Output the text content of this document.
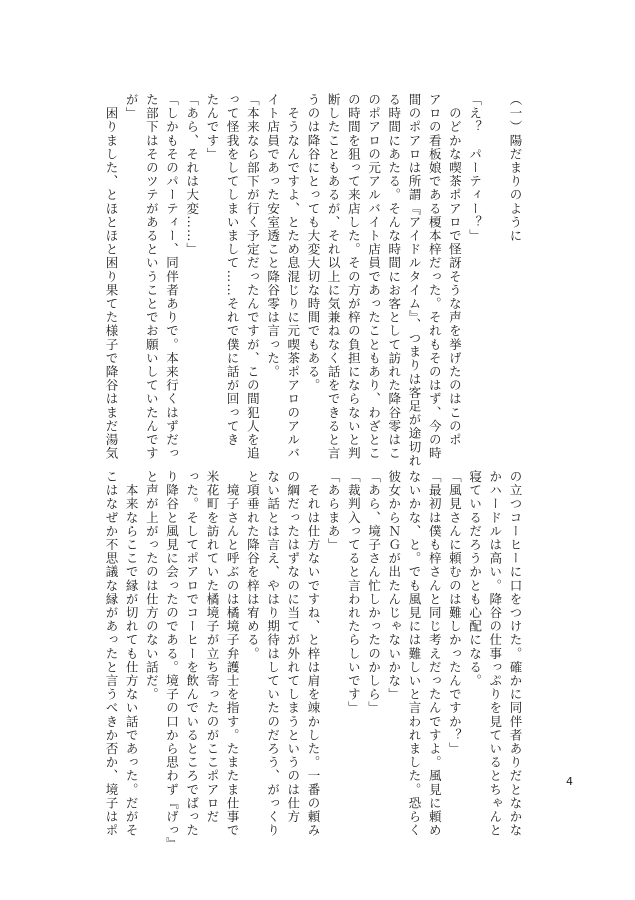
（一）陽だまりのように

「え？　パーティー？」
　のどかな喫茶ポアロで怪訝そうな声を挙げたのはこのポ
アロの看板娘である榎本梓だった。それもそのはず、今の時
間のポアロは所謂『アイドルタイム』、つまりは客足が途切れ
る時間にあたる。そんな時間にお客として訪れた降谷零はこ
のポアロの元アルバイト店員であったこともあり、わざとこ
の時間を狙って来店した。その方が梓の負担にならないと判
断したこともあるが、それ以上に気兼ねなく話をできると言
うのは降谷にとっても大変大切な時間でもある。
　そうなんですよ、とため息混じりに元喫茶ポアロのアルバ
イト店員であった安室透こと降谷零は言った。
「本来なら部下が行く予定だったんですが、この間犯人を追
って怪我をしてしまいまして……それで僕に話が回ってき
たんです」
「あら、それは大変……」
「しかもそのパーティー、同伴者ありで。本来行くはずだっ
た部下はそのツテがあるということでお願いしていたんです
が」
　困りました、とほとほと困り果てた様子で降谷はまだ湯気
の立つコーヒーに口をつけた。確かに同伴者ありだとなかな
かハードルは高い。降谷の仕事っぷりを見ているとちゃんと
寝ているだろうかとも心配になる。
「風見さんに頼むのは難しかったんですか？」
「最初は僕も梓さんと同じ考えだったんですよ。風見に頼め
ないかな、と。でも風見には難しいと言われました。恐らく
彼女からＮＧが出たんじゃないかな」
「あら、境子さん忙しかったのかしら」
「裁判入ってると言われたらしいです」
「あらまあ」
　それは仕方ないですね、と梓は肩を竦かした。一番の頼み
の綱だったはずなのに当てが外れてしまうというのは仕方
ない話とは言え、やはり期待はしていたのだろう、がっくり
と項垂れた降谷を梓は宥める。
　境子さんと呼ぶのは橘境子弁護士を指す。たまたま仕事で
米花町を訪れていた橘境子が立ち寄ったのがここポアロだ
った。そしてポアロでコーヒーを飲んでいるところでばった
り降谷と風見に会ったのである。境子の口から思わず『げっ』
と声が上がったのは仕方のない話だ。
　本来ならここで縁が切れても仕方ない話であった。だがそ
こはなぜか不思議な縁があったと言うべきか否か、境子はポ	4
